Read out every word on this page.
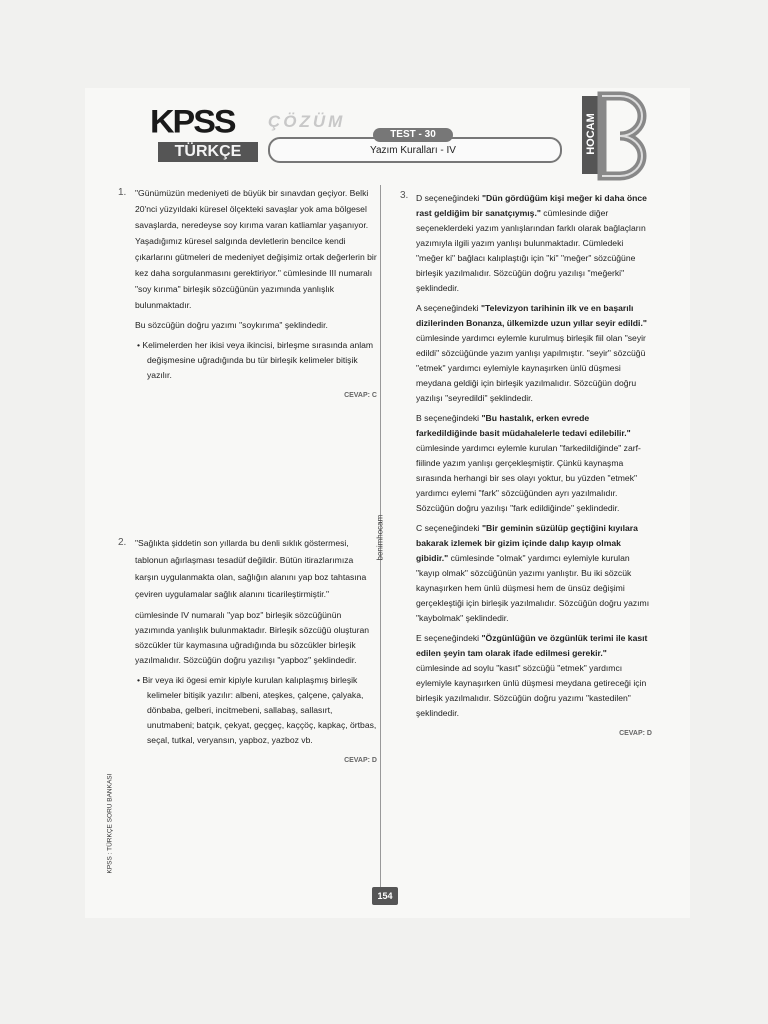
KPSS
TÜRKÇE
ÇÖZÜM
TEST - 30
Yazım Kuralları - IV	HOCAM
benimhocam
KPSS : TÜRKÇE SORU BANKASI
1. "Günümüzün medeniyeti de büyük bir sınavdan geçiyor. Belki 20'nci yüzyıldaki küresel ölçekteki savaşlar yok ama bölgesel savaşlarda, neredeyse soy kırıma varan katliamlar yaşanıyor. Yaşadığımız küresel salgında devletlerin bencilce kendi çıkarlarını gütmeleri de medeniyet değişimiz ortak değerlerin bir kez daha sorgulanmasını gerektiriyor." cümlesinde III numaralı "soy kırıma" birleşik sözcüğünün yazımında yanlışlık bulunmaktadır.

Bu sözcüğün doğru yazımı "soykırıma" şeklindedir.

• Kelimelerden her ikisi veya ikincisi, birleşme sırasında anlam değişmesine uğradığında bu tür birleşik kelimeler bitişik yazılır.

CEVAP: C
2. "Sağlıkta şiddetin son yıllarda bu denli sıklık göstermesi, tablonun ağırlaşması tesadüf değildir. Bütün itirazlarımıza karşın uygulanmakta olan, sağlığın alanını yap boz tahtasına çeviren uygulamalar sağlık alanını ticarileştirmiştir."

cümlesinde IV numaralı "yap boz" birleşik sözcüğünün yazımında yanlışlık bulunmaktadır. Birleşik sözcüğü oluşturan sözcükler tür kaymasına uğradığında bu sözcükler birleşik yazılmalıdır. Sözcüğün doğru yazılışı "yapboz" şeklindedir.

• Bir veya iki ögesi emir kipiyle kurulan kalıplaşmış birleşik kelimeler bitişik yazılır: albeni, ateşkes, çalçene, çalyaka, dönbaba, gelberi, incitmebeni, sallabaş, sallasırt, unutmabeni; batçık, çekyat, geçgeç, kaççöç, kapkaç, örtbas, seçal, tutkal, veryansın, yapboz, yazboz vb.

CEVAP: D
3. D seçeneğindeki "Dün gördüğüm kişi meğer ki daha önce rast geldiğim bir sanatçıymış." cümlesinde diğer seçeneklerdeki yazım yanlışlarından farklı olarak bağlaçların yazımıyla ilgili yazım yanlışı bulunmaktadır. Cümledeki "meğer ki" bağlacı kalıplaştığı için "ki" "meğer" sözcüğüne birleşik yazılmalıdır. Sözcüğün doğru yazılışı "meğerki" şeklindedir.

A seçeneğindeki "Televizyon tarihinin ilk ve en başarılı dizilerinden Bonanza, ülkemizde uzun yıllar seyir edildi." cümlesinde yardımcı eylemle kurulmuş birleşik fiil olan "seyir edildi" sözcüğünde yazım yanlışı yapılmıştır. "seyir" sözcüğü "etmek" yardımcı eylemiyle kaynaşırken ünlü düşmesi meydana geldiği için birleşik yazılmalıdır. Sözcüğün doğru yazılışı "seyredildi" şeklindedir.

B seçeneğindeki "Bu hastalık, erken evrede farkedildiğinde basit müdahalelerle tedavi edilebilir." cümlesinde yardımcı eylemle kurulan "farkedildiğinde" zarf-fiilinde yazım yanlışı gerçekleşmiştir. Çünkü kaynaşma sırasında herhangi bir ses olayı yoktur, bu yüzden "etmek" yardımcı eylemi "fark" sözcüğünden ayrı yazılmalıdır. Sözcüğün doğru yazılışı "fark edildiğinde" şeklindedir.

C seçeneğindeki "Bir geminin süzülüp geçtiğini kıyılara bakarak izlemek bir gizim içinde dalıp kayıp olmak gibidir." cümlesinde "olmak" yardımcı eylemiyle kurulan "kayıp olmak" sözcüğünün yazımı yanlıştır. Bu iki sözcük kaynaşırken hem ünlü düşmesi hem de ünsüz değişimi gerçekleştiği için birleşik yazılmalıdır. Sözcüğün doğru yazımı "kaybolmak" şeklindedir.

E seçeneğindeki "Özgünlüğün ve özgünlük terimi ile kasıt edilen şeyin tam olarak ifade edilmesi gerekir." cümlesinde ad soylu "kasıt" sözcüğü "etmek" yardımcı eylemiyle kaynaşırken ünlü düşmesi meydana getireceği için birleşik yazılmalıdır. Sözcüğün doğru yazımı "kastedilen" şeklindedir.

CEVAP: D
154
